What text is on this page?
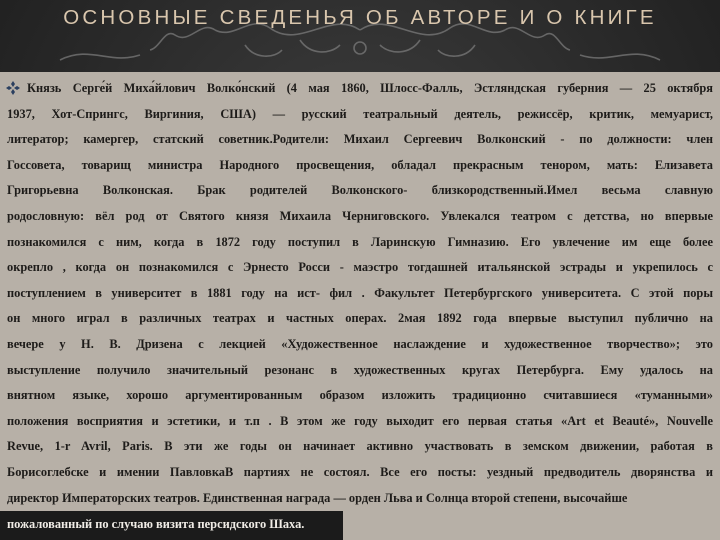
ОСНОВНЫЕ СВЕДЕНЬЯ ОБ АВТОРЕ И О КНИГЕ
Князь Серге́й Миха́йлович Волко́нский (4 мая 1860, Шлосс-Фалль, Эстляндская губерния — 25 октября
1937, Хот-Спрингс, Виргиния, США) — русский театральный деятель, режиссёр, критик, мемуарист,
литератор; камергер, статский советник.Родители: Михаил Сергеевич Волконский - по должности: член
Госсовета, товарищ министра Народного просвещения, обладал прекрасным тенором, мать: Елизавета
Григорьевна Волконская. Брак родителей Волконского- близкородственный.Имел весьма славную
родословную: вёл род от Святого князя Михаила Черниговского. Увлекался театром с детства, но впервые
познакомился с ним, когда в 1872 году поступил в Ларинскую Гимназию. Его увлечение им еще более
окрепло , когда он познакомился с Эрнесто Росси - маэстро тогдашней итальянской эстрады и укрепилось с
поступлением в университет в 1881 году на ист- фил . Факультет Петербургского университета. С этой поры
он много играл в различных театрах и частных операх. 2мая 1892 года впервые выступил публично на
вечере у Н. В. Дризена с лекцией «Художественное наслаждение и художественное творчество»; это
выступление получило значительный резонанс в художественных кругах Петербурга. Ему удалось на
внятном языке, хорошо аргументированным образом изложить традиционно считавшиеся «туманными»
положения восприятия и эстетики, и т.п . В этом же году выходит его первая статья «Art et Beauté», Nouvelle
Revue, 1-r Avril, Paris. В эти же годы он начинает активно участвовать в земском движении, работая в
Борисоглебске и имении ПавловкаВ партиях не состоял. Все его посты: уездный предводитель дворянства и
директор Императорских театров. Единственная награда — орден Льва и Солнца второй степени, высочайше
пожалованный по случаю визита персидского Шаха.
